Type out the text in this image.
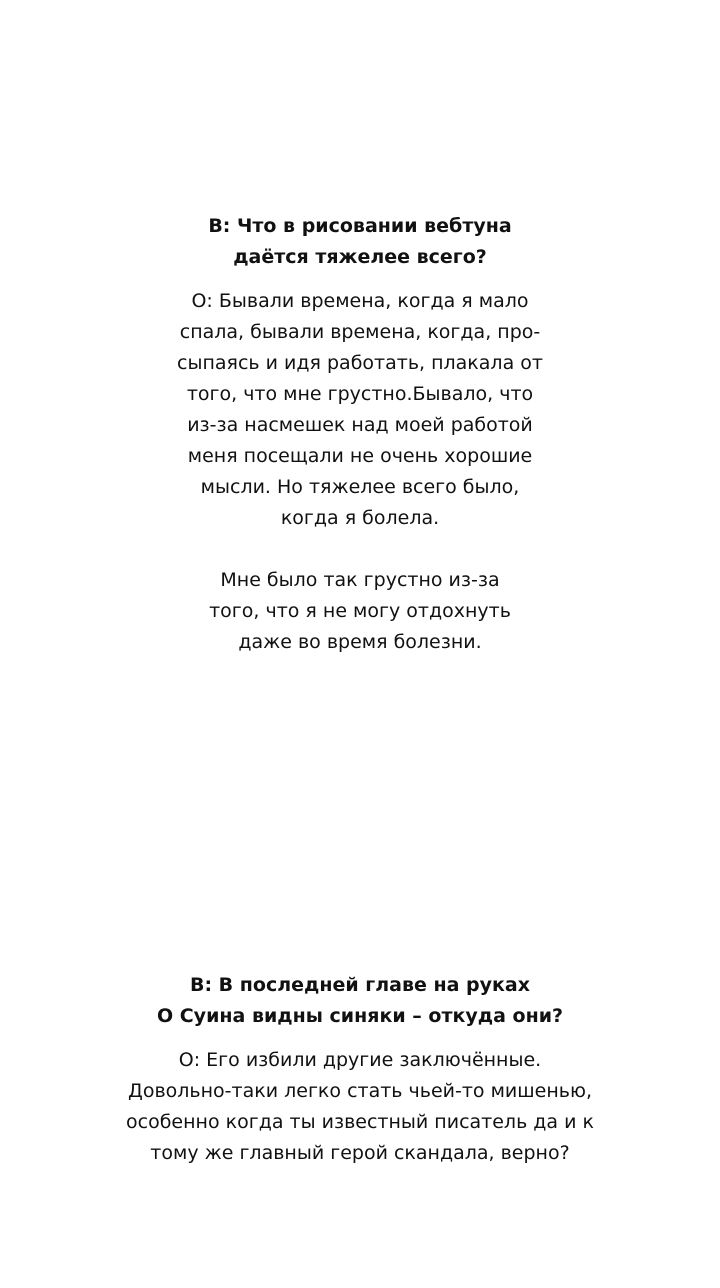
В: Что в рисовании вебтуна
даётся тяжелее всего?

О: Бывали времена, когда я мало
спала, бывали времена, когда, про-
сыпаясь и идя работать, плакала от
того, что мне грустно.Бывало, что
из-за насмешек над моей работой
меня посещали не очень хорошие
мысли. Но тяжелее всего было,
когда я болела.

Мне было так грустно из-за
того, что я не могу отдохнуть
даже во время болезни.

В: В последней главе на руках
О Суина видны синяки – откуда они?

О: Его избили другие заключённые.
Довольно-таки легко стать чьей-то мишенью,
особенно когда ты известный писатель да и к
тому же главный герой скандала, верно?
